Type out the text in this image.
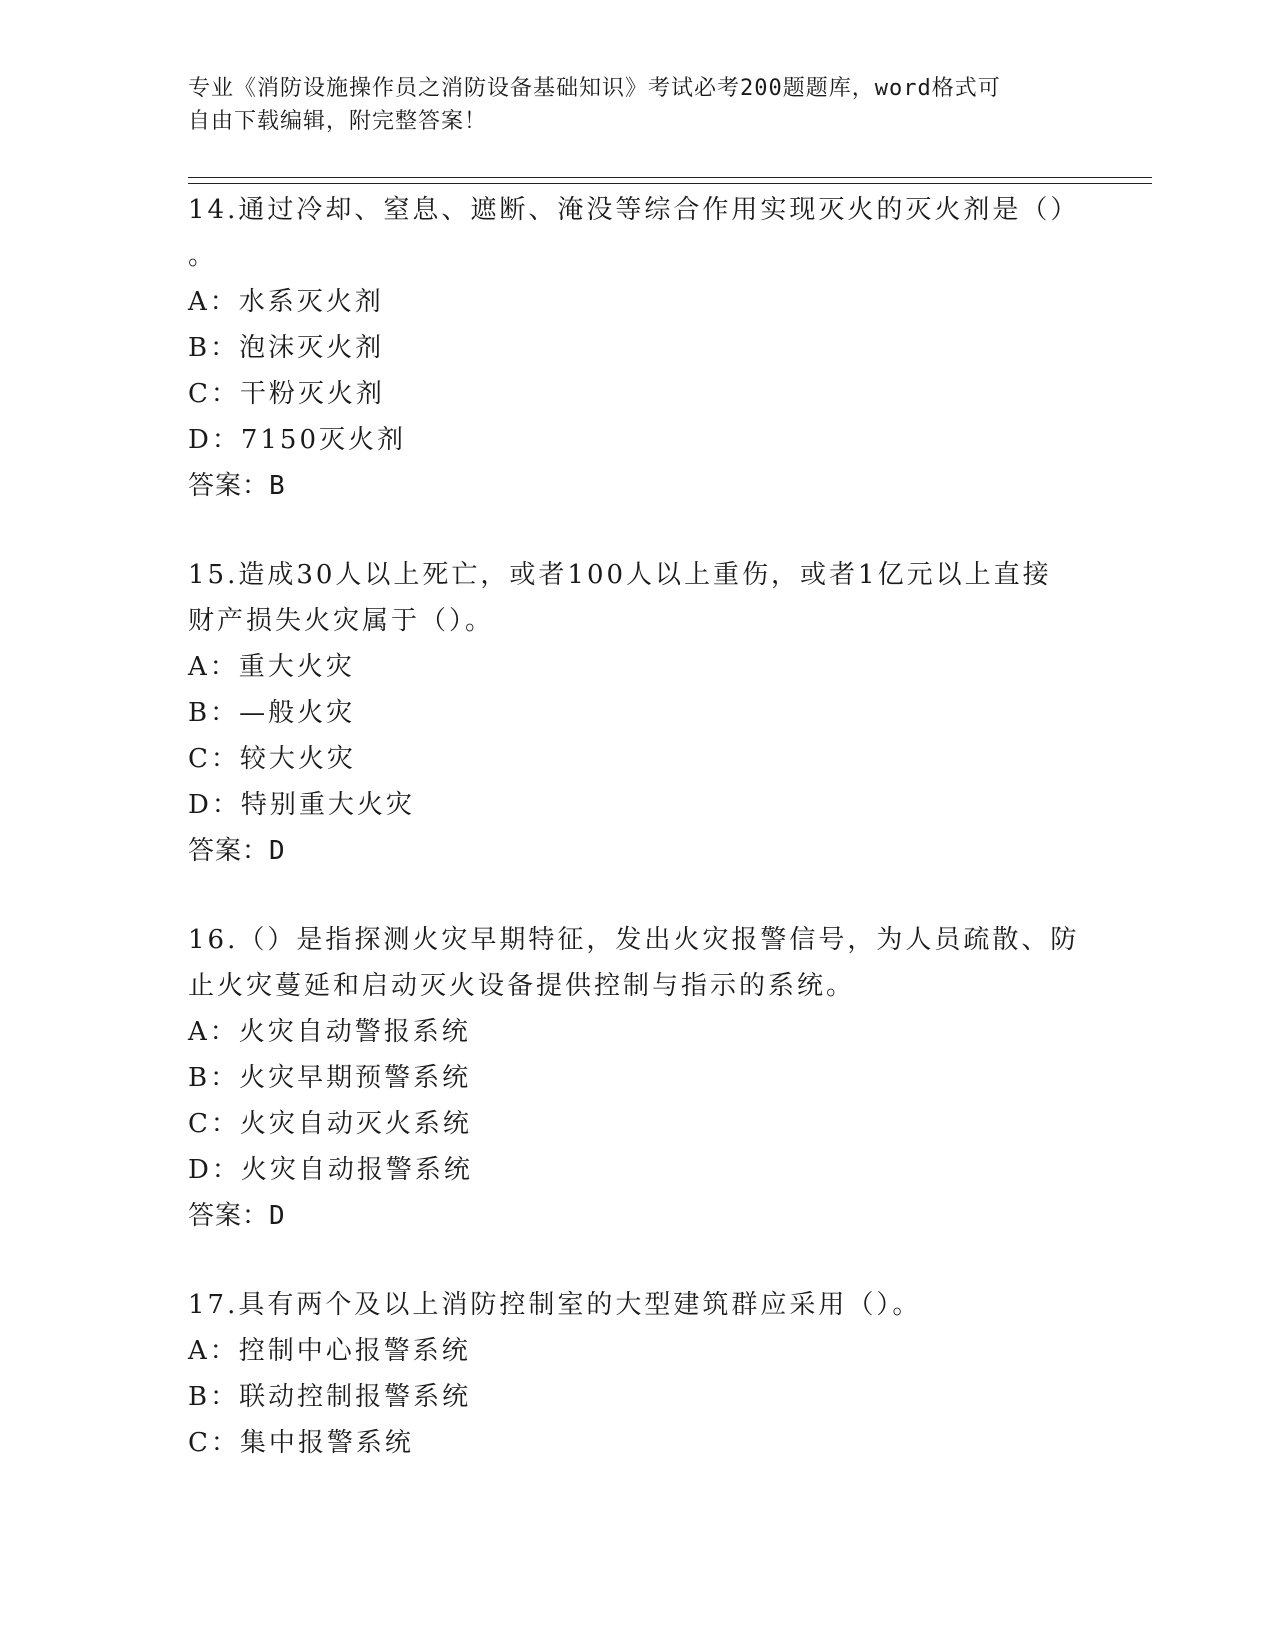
专业《消防设施操作员之消防设备基础知识》考试必考200题题库，word格式可
自由下载编辑，附完整答案！
14.通过冷却、窒息、遮断、淹没等综合作用实现灭火的灭火剂是（）
。
A：水系灭火剂
B：泡沫灭火剂
C：干粉灭火剂
D：7150灭火剂
答案：B
15.造成30人以上死亡，或者100人以上重伤，或者1亿元以上直接
财产损失火灾属于（）。
A：重大火灾
B：—般火灾
C：较大火灾
D：特别重大火灾
答案：D
16.（）是指探测火灾早期特征，发出火灾报警信号，为人员疏散、防
止火灾蔓延和启动灭火设备提供控制与指示的系统。
A：火灾自动警报系统
B：火灾早期预警系统
C：火灾自动灭火系统
D：火灾自动报警系统
答案：D
17.具有两个及以上消防控制室的大型建筑群应采用（）。
A：控制中心报警系统
B：联动控制报警系统
C：集中报警系统
